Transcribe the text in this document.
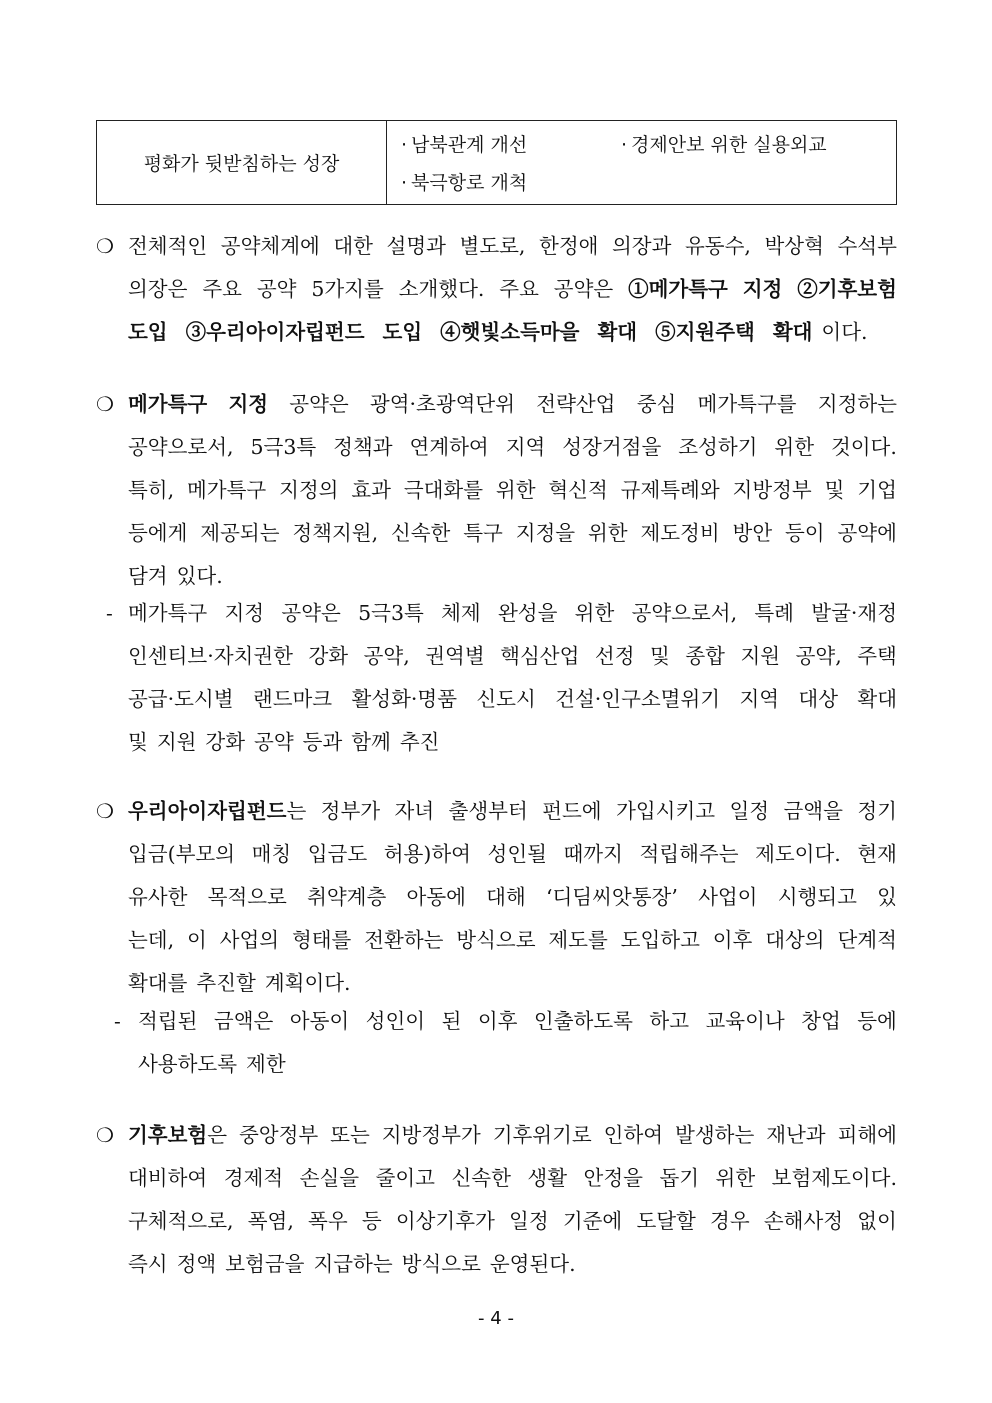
평화가 뒷받침하는 성장	
· 남북관계 개선	· 경제안보 위한 실용외교
· 북극항로 개척
❍ 전체적인 공약체계에 대한 설명과 별도로, 한정애 의장과 유동수, 박상혁 수석부
의장은 주요 공약 5가지를 소개했다. 주요 공약은 ①메가특구 지정 ②기후보험
도입 ③우리아이자립펀드 도입 ④햇빛소득마을 확대 ⑤지원주택 확대 이다.
❍ 메가특구 지정 공약은 광역·초광역단위 전략산업 중심 메가특구를 지정하는
공약으로서, 5극3특 정책과 연계하여 지역 성장거점을 조성하기 위한 것이다.
특히, 메가특구 지정의 효과 극대화를 위한 혁신적 규제특례와 지방정부 및 기업
등에게 제공되는 정책지원, 신속한 특구 지정을 위한 제도정비 방안 등이 공약에
담겨 있다.
- 메가특구 지정 공약은 5극3특 체제 완성을 위한 공약으로서, 특례 발굴·재정
인센티브·자치권한 강화 공약, 권역별 핵심산업 선정 및 종합 지원 공약, 주택
공급·도시별 랜드마크 활성화·명품 신도시 건설·인구소멸위기 지역 대상 확대
및 지원 강화 공약 등과 함께 추진
❍ 우리아이자립펀드는 정부가 자녀 출생부터 펀드에 가입시키고 일정 금액을 정기
입금(부모의 매칭 입금도 허용)하여 성인될 때까지 적립해주는 제도이다. 현재
유사한 목적으로 취약계층 아동에 대해 ‘디딤씨앗통장’ 사업이 시행되고 있
는데, 이 사업의 형태를 전환하는 방식으로 제도를 도입하고 이후 대상의 단계적
확대를 추진할 계획이다.
- 적립된 금액은 아동이 성인이 된 이후 인출하도록 하고 교육이나 창업 등에
사용하도록 제한
❍ 기후보험은 중앙정부 또는 지방정부가 기후위기로 인하여 발생하는 재난과 피해에
대비하여 경제적 손실을 줄이고 신속한 생활 안정을 돕기 위한 보험제도이다.
구체적으로, 폭염, 폭우 등 이상기후가 일정 기준에 도달할 경우 손해사정 없이
즉시 정액 보험금을 지급하는 방식으로 운영된다.
- 4 -
